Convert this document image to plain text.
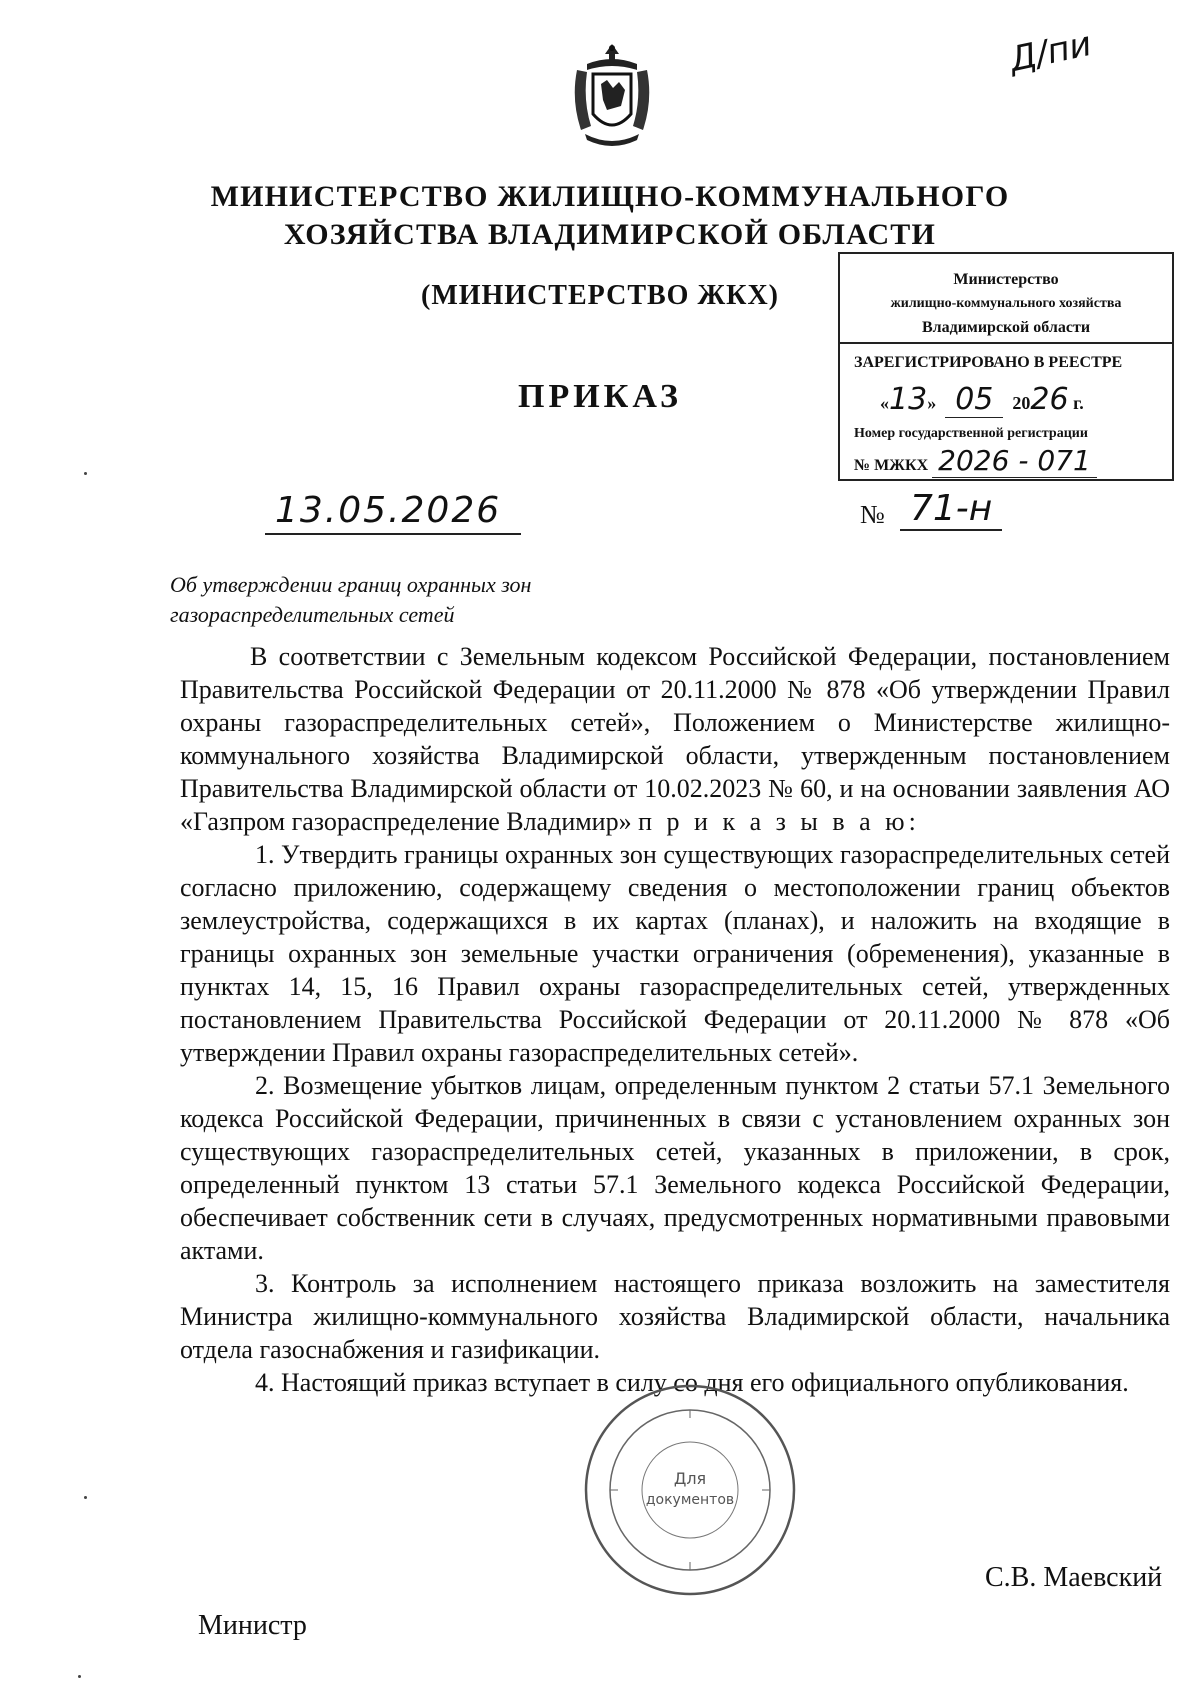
Д/пи
МИНИСТЕРСТВО ЖИЛИЩНО-КОММУНАЛЬНОГО
ХОЗЯЙСТВА ВЛАДИМИРСКОЙ ОБЛАСТИ
(МИНИСТЕРСТВО ЖКХ)
ПРИКАЗ
Министерство
жилищно-коммунального хозяйства
Владимирской области
ЗАРЕГИСТРИРОВАНО В РЕЕСТРЕ
«13»  05 2026 г.
Номер государственной регистрации
№ МЖКХ 2026 - 071
13.05.2026	№ 71-н
Об утверждении границ охранных зон
газораспределительных сетей

В соответствии с Земельным кодексом Российской Федерации, постановлением Правительства Российской Федерации от 20.11.2000 № 878 «Об утверждении Правил охраны газораспределительных сетей», Положением о Министерстве жилищно-коммунального хозяйства Владимирской области, утвержденным постановлением Правительства Владимирской области от 10.02.2023 № 60, и на основании заявления АО «Газпром газораспределение Владимир» п р и к а з ы в а ю:

1. Утвердить границы охранных зон существующих газораспределительных сетей согласно приложению, содержащему сведения о местоположении границ объектов землеустройства, содержащихся в их картах (планах), и наложить на входящие в границы охранных зон земельные участки ограничения (обременения), указанные в пунктах 14, 15, 16 Правил охраны газораспределительных сетей, утвержденных постановлением Правительства Российской Федерации от 20.11.2000 № 878 «Об утверждении Правил охраны газораспределительных сетей».

2. Возмещение убытков лицам, определенным пунктом 2 статьи 57.1 Земельного кодекса Российской Федерации, причиненных в связи с установлением охранных зон существующих газораспределительных сетей, указанных в приложении, в срок, определенный пунктом 13 статьи 57.1 Земельного кодекса Российской Федерации, обеспечивает собственник сети в случаях, предусмотренных нормативными правовыми актами.

3. Контроль за исполнением настоящего приказа возложить на заместителя Министра жилищно-коммунального хозяйства Владимирской области, начальника отдела газоснабжения и газификации.

4. Настоящий приказ вступает в силу со дня его официального опубликования.

Для
документов
Министр
С.В. Маевский
